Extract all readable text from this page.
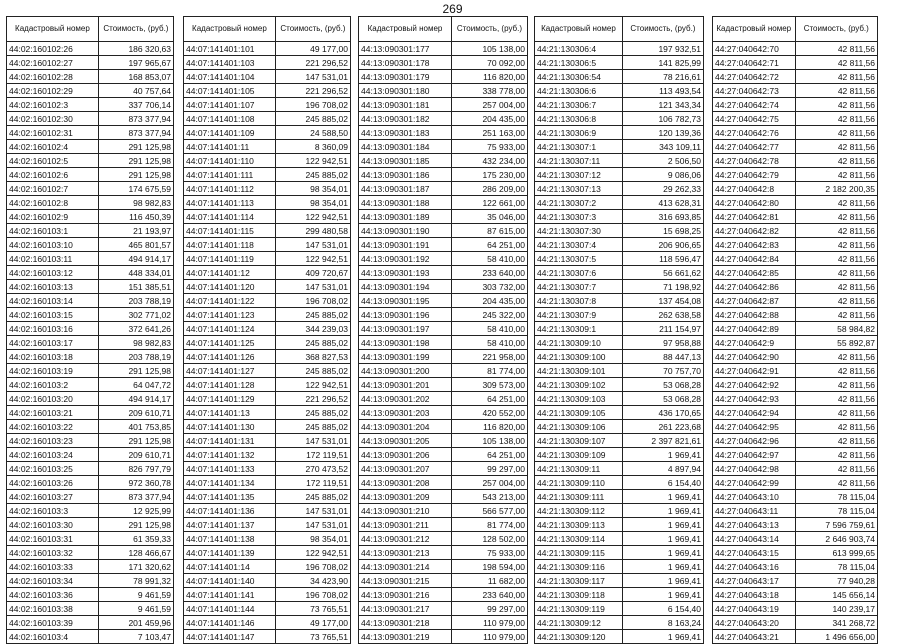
269
Кадастровый номер	Стоимость, (руб.)
44:02:160102:26	186 320,63
44:02:160102:27	197 965,67
44:02:160102:28	168 853,07
44:02:160102:29	40 757,64
44:02:160102:3	337 706,14
44:02:160102:30	873 377,94
44:02:160102:31	873 377,94
44:02:160102:4	291 125,98
44:02:160102:5	291 125,98
44:02:160102:6	291 125,98
44:02:160102:7	174 675,59
44:02:160102:8	98 982,83
44:02:160102:9	116 450,39
44:02:160103:1	21 193,97
44:02:160103:10	465 801,57
44:02:160103:11	494 914,17
44:02:160103:12	448 334,01
44:02:160103:13	151 385,51
44:02:160103:14	203 788,19
44:02:160103:15	302 771,02
44:02:160103:16	372 641,26
44:02:160103:17	98 982,83
44:02:160103:18	203 788,19
44:02:160103:19	291 125,98
44:02:160103:2	64 047,72
44:02:160103:20	494 914,17
44:02:160103:21	209 610,71
44:02:160103:22	401 753,85
44:02:160103:23	291 125,98
44:02:160103:24	209 610,71
44:02:160103:25	826 797,79
44:02:160103:26	972 360,78
44:02:160103:27	873 377,94
44:02:160103:3	12 925,99
44:02:160103:30	291 125,98
44:02:160103:31	61 359,33
44:02:160103:32	128 466,67
44:02:160103:33	171 320,62
44:02:160103:34	78 991,32
44:02:160103:36	9 461,59
44:02:160103:38	9 461,59
44:02:160103:39	201 459,96
44:02:160103:4	7 103,47
Кадастровый номер	Стоимость, (руб.)
44:07:141401:101	49 177,00
44:07:141401:103	221 296,52
44:07:141401:104	147 531,01
44:07:141401:105	221 296,52
44:07:141401:107	196 708,02
44:07:141401:108	245 885,02
44:07:141401:109	24 588,50
44:07:141401:11	8 360,09
44:07:141401:110	122 942,51
44:07:141401:111	245 885,02
44:07:141401:112	98 354,01
44:07:141401:113	98 354,01
44:07:141401:114	122 942,51
44:07:141401:115	299 480,58
44:07:141401:118	147 531,01
44:07:141401:119	122 942,51
44:07:141401:12	409 720,67
44:07:141401:120	147 531,01
44:07:141401:122	196 708,02
44:07:141401:123	245 885,02
44:07:141401:124	344 239,03
44:07:141401:125	245 885,02
44:07:141401:126	368 827,53
44:07:141401:127	245 885,02
44:07:141401:128	122 942,51
44:07:141401:129	221 296,52
44:07:141401:13	245 885,02
44:07:141401:130	245 885,02
44:07:141401:131	147 531,01
44:07:141401:132	172 119,51
44:07:141401:133	270 473,52
44:07:141401:134	172 119,51
44:07:141401:135	245 885,02
44:07:141401:136	147 531,01
44:07:141401:137	147 531,01
44:07:141401:138	98 354,01
44:07:141401:139	122 942,51
44:07:141401:14	196 708,02
44:07:141401:140	34 423,90
44:07:141401:141	196 708,02
44:07:141401:144	73 765,51
44:07:141401:146	49 177,00
44:07:141401:147	73 765,51
Кадастровый номер	Стоимость, (руб.)
44:13:090301:177	105 138,00
44:13:090301:178	70 092,00
44:13:090301:179	116 820,00
44:13:090301:180	338 778,00
44:13:090301:181	257 004,00
44:13:090301:182	204 435,00
44:13:090301:183	251 163,00
44:13:090301:184	75 933,00
44:13:090301:185	432 234,00
44:13:090301:186	175 230,00
44:13:090301:187	286 209,00
44:13:090301:188	122 661,00
44:13:090301:189	35 046,00
44:13:090301:190	87 615,00
44:13:090301:191	64 251,00
44:13:090301:192	58 410,00
44:13:090301:193	233 640,00
44:13:090301:194	303 732,00
44:13:090301:195	204 435,00
44:13:090301:196	245 322,00
44:13:090301:197	58 410,00
44:13:090301:198	58 410,00
44:13:090301:199	221 958,00
44:13:090301:200	81 774,00
44:13:090301:201	309 573,00
44:13:090301:202	64 251,00
44:13:090301:203	420 552,00
44:13:090301:204	116 820,00
44:13:090301:205	105 138,00
44:13:090301:206	64 251,00
44:13:090301:207	99 297,00
44:13:090301:208	257 004,00
44:13:090301:209	543 213,00
44:13:090301:210	566 577,00
44:13:090301:211	81 774,00
44:13:090301:212	128 502,00
44:13:090301:213	75 933,00
44:13:090301:214	198 594,00
44:13:090301:215	11 682,00
44:13:090301:216	233 640,00
44:13:090301:217	99 297,00
44:13:090301:218	110 979,00
44:13:090301:219	110 979,00
Кадастровый номер	Стоимость, (руб.)
44:21:130306:4	197 932,51
44:21:130306:5	141 825,99
44:21:130306:54	78 216,61
44:21:130306:6	113 493,54
44:21:130306:7	121 343,34
44:21:130306:8	106 782,73
44:21:130306:9	120 139,36
44:21:130307:1	343 109,11
44:21:130307:11	2 506,50
44:21:130307:12	9 086,06
44:21:130307:13	29 262,33
44:21:130307:2	413 628,31
44:21:130307:3	316 693,85
44:21:130307:30	15 698,25
44:21:130307:4	206 906,65
44:21:130307:5	118 596,47
44:21:130307:6	56 661,62
44:21:130307:7	71 198,92
44:21:130307:8	137 454,08
44:21:130307:9	262 638,58
44:21:130309:1	211 154,97
44:21:130309:10	97 958,88
44:21:130309:100	88 447,13
44:21:130309:101	70 757,70
44:21:130309:102	53 068,28
44:21:130309:103	53 068,28
44:21:130309:105	436 170,65
44:21:130309:106	261 223,68
44:21:130309:107	2 397 821,61
44:21:130309:109	1 969,41
44:21:130309:11	4 897,94
44:21:130309:110	6 154,40
44:21:130309:111	1 969,41
44:21:130309:112	1 969,41
44:21:130309:113	1 969,41
44:21:130309:114	1 969,41
44:21:130309:115	1 969,41
44:21:130309:116	1 969,41
44:21:130309:117	1 969,41
44:21:130309:118	1 969,41
44:21:130309:119	6 154,40
44:21:130309:12	8 163,24
44:21:130309:120	1 969,41
Кадастровый номер	Стоимость, (руб.)
44:27:040642:70	42 811,56
44:27:040642:71	42 811,56
44:27:040642:72	42 811,56
44:27:040642:73	42 811,56
44:27:040642:74	42 811,56
44:27:040642:75	42 811,56
44:27:040642:76	42 811,56
44:27:040642:77	42 811,56
44:27:040642:78	42 811,56
44:27:040642:79	42 811,56
44:27:040642:8	2 182 200,35
44:27:040642:80	42 811,56
44:27:040642:81	42 811,56
44:27:040642:82	42 811,56
44:27:040642:83	42 811,56
44:27:040642:84	42 811,56
44:27:040642:85	42 811,56
44:27:040642:86	42 811,56
44:27:040642:87	42 811,56
44:27:040642:88	42 811,56
44:27:040642:89	58 984,82
44:27:040642:9	55 892,87
44:27:040642:90	42 811,56
44:27:040642:91	42 811,56
44:27:040642:92	42 811,56
44:27:040642:93	42 811,56
44:27:040642:94	42 811,56
44:27:040642:95	42 811,56
44:27:040642:96	42 811,56
44:27:040642:97	42 811,56
44:27:040642:98	42 811,56
44:27:040642:99	42 811,56
44:27:040643:10	78 115,04
44:27:040643:11	78 115,04
44:27:040643:13	7 596 759,61
44:27:040643:14	2 646 903,74
44:27:040643:15	613 999,65
44:27:040643:16	78 115,04
44:27:040643:17	77 940,28
44:27:040643:18	145 656,14
44:27:040643:19	140 239,17
44:27:040643:20	341 268,72
44:27:040643:21	1 496 656,00
